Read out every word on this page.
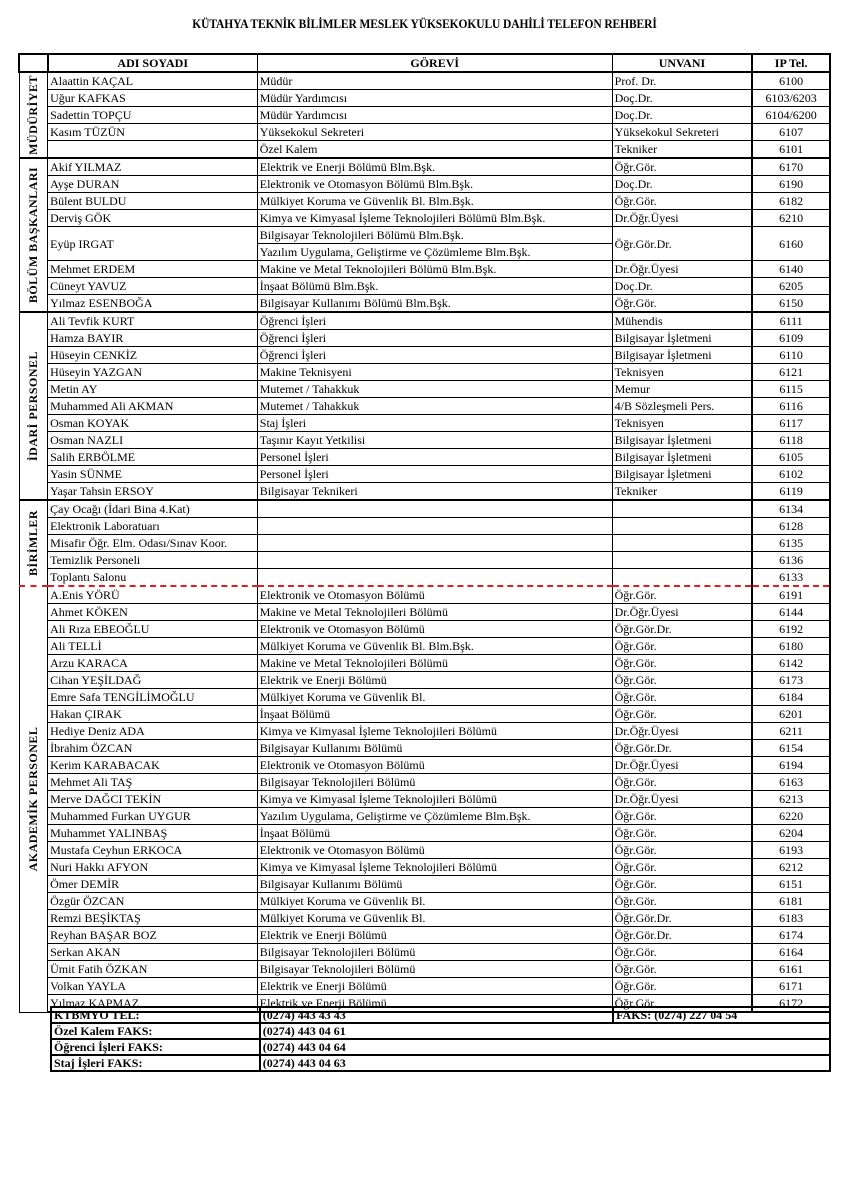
KÜTAHYA TEKNİK BİLİMLER MESLEK YÜKSEKOKULU DAHİLİ TELEFON REHBERİ
	ADI SOYADI	GÖREVİ	UNVANI	IP Tel.

MÜDÜRİYET	Alaattin KAÇAL	Müdür	Prof. Dr.	6100
	Uğur KAFKAS	Müdür Yardımcısı	Doç.Dr.	6103/6203
	Sadettin TOPÇU	Müdür Yardımcısı	Doç.Dr.	6104/6200
	Kasım TÜZÜN	Yüksekokul Sekreteri	Yüksekokul Sekreteri	6107
		Özel Kalem	Tekniker	6101

BÖLÜM BAŞKANLARI	Akif YILMAZ	Elektrik ve Enerji Bölümü Blm.Bşk.	Öğr.Gör.	6170
	Ayşe DURAN	Elektronik ve Otomasyon Bölümü Blm.Bşk.	Doç.Dr.	6190
	Bülent BULDU	Mülkiyet Koruma ve Güvenlik Bl. Blm.Bşk.	Öğr.Gör.	6182
	Derviş GÖK	Kimya ve Kimyasal İşleme Teknolojileri Bölümü Blm.Bşk.	Dr.Öğr.Üyesi	6210
	Eyüp IRGAT	Bilgisayar Teknolojileri Bölümü Blm.Bşk.	Öğr.Gör.Dr.	6160
		Yazılım Uygulama, Geliştirme ve Çözümleme Blm.Bşk.		
	Mehmet ERDEM	Makine ve Metal Teknolojileri Bölümü Blm.Bşk.	Dr.Öğr.Üyesi	6140
	Cüneyt YAVUZ	İnşaat Bölümü Blm.Bşk.	Doç.Dr.	6205
	Yılmaz ESENBOĞA	Bilgisayar Kullanımı Bölümü Blm.Bşk.	Öğr.Gör.	6150

İDARİ PERSONEL	Ali Tevfik KURT	Öğrenci İşleri	Mühendis	6111
	Hamza BAYIR	Öğrenci İşleri	Bilgisayar İşletmeni	6109
	Hüseyin CENKİZ	Öğrenci İşleri	Bilgisayar İşletmeni	6110
	Hüseyin YAZGAN	Makine Teknisyeni	Teknisyen	6121
	Metin AY	Mutemet / Tahakkuk	Memur	6115
	Muhammed Ali AKMAN	Mutemet / Tahakkuk	4/B Sözleşmeli Pers.	6116
	Osman KOYAK	Staj İşleri	Teknisyen	6117
	Osman NAZLI	Taşınır Kayıt Yetkilisi	Bilgisayar İşletmeni	6118
	Salih ERBÖLME	Personel İşleri	Bilgisayar İşletmeni	6105
	Yasin SÜNME	Personel İşleri	Bilgisayar İşletmeni	6102
	Yaşar Tahsin ERSOY	Bilgisayar Teknikeri	Tekniker	6119

BİRİMLER	Çay Ocağı (İdari Bina 4.Kat)			6134
	Elektronik Laboratuarı			6128
	Misafir Öğr. Elm. Odası/Sınav Koor.			6135
	Temizlik Personeli			6136
	Toplantı Salonu			6133

AKADEMİK PERSONEL	A.Enis YÖRÜ	Elektronik ve Otomasyon Bölümü	Öğr.Gör.	6191
	Ahmet KÖKEN	Makine ve Metal Teknolojileri Bölümü	Dr.Öğr.Üyesi	6144
	Ali Rıza EBEOĞLU	Elektronik ve Otomasyon Bölümü	Öğr.Gör.Dr.	6192
	Ali TELLİ	Mülkiyet Koruma ve Güvenlik Bl. Blm.Bşk.	Öğr.Gör.	6180
	Arzu KARACA	Makine ve Metal Teknolojileri Bölümü	Öğr.Gör.	6142
	Cihan YEŞİLDAĞ	Elektrik ve Enerji Bölümü	Öğr.Gör.	6173
	Emre Safa TENGİLİMOĞLU	Mülkiyet Koruma ve Güvenlik Bl.	Öğr.Gör.	6184
	Hakan ÇIRAK	İnşaat Bölümü	Öğr.Gör.	6201
	Hediye Deniz ADA	Kimya ve Kimyasal İşleme Teknolojileri Bölümü	Dr.Öğr.Üyesi	6211
	İbrahim ÖZCAN	Bilgisayar Kullanımı Bölümü	Öğr.Gör.Dr.	6154
	Kerim KARABACAK	Elektronik ve Otomasyon Bölümü	Dr.Öğr.Üyesi	6194
	Mehmet Ali TAŞ	Bilgisayar Teknolojileri Bölümü	Öğr.Gör.	6163
	Merve DAĞCI TEKİN	Kimya ve Kimyasal İşleme Teknolojileri Bölümü	Dr.Öğr.Üyesi	6213
	Muhammed Furkan UYGUR	Yazılım Uygulama, Geliştirme ve Çözümleme Blm.Bşk.	Öğr.Gör.	6220
	Muhammet YALINBAŞ	İnşaat Bölümü	Öğr.Gör.	6204
	Mustafa Ceyhun ERKOCA	Elektronik ve Otomasyon Bölümü	Öğr.Gör.	6193
	Nuri Hakkı AFYON	Kimya ve Kimyasal İşleme Teknolojileri Bölümü	Öğr.Gör.	6212
	Ömer DEMİR	Bilgisayar Kullanımı Bölümü	Öğr.Gör.	6151
	Özgür ÖZCAN	Mülkiyet Koruma ve Güvenlik Bl.	Öğr.Gör.	6181
	Remzi BEŞİKTAŞ	Mülkiyet Koruma ve Güvenlik Bl.	Öğr.Gör.Dr.	6183
	Reyhan BAŞAR BOZ	Elektrik ve Enerji Bölümü	Öğr.Gör.Dr.	6174
	Serkan AKAN	Bilgisayar Teknolojileri Bölümü	Öğr.Gör.	6164
	Ümit Fatih ÖZKAN	Bilgisayar Teknolojileri Bölümü	Öğr.Gör.	6161
	Volkan YAYLA	Elektrik ve Enerji Bölümü	Öğr.Gör.	6171
	Yılmaz KAPMAZ	Elektrik ve Enerji Bölümü	Öğr.Gör.	6172
KTBMYO TEL:	(0274) 443 43 43	FAKS: (0274) 227 04 54
Özel Kalem FAKS:	(0274) 443 04 61	
Öğrenci İşleri FAKS:	(0274) 443 04 64	
Staj İşleri FAKS:	(0274) 443 04 63	
